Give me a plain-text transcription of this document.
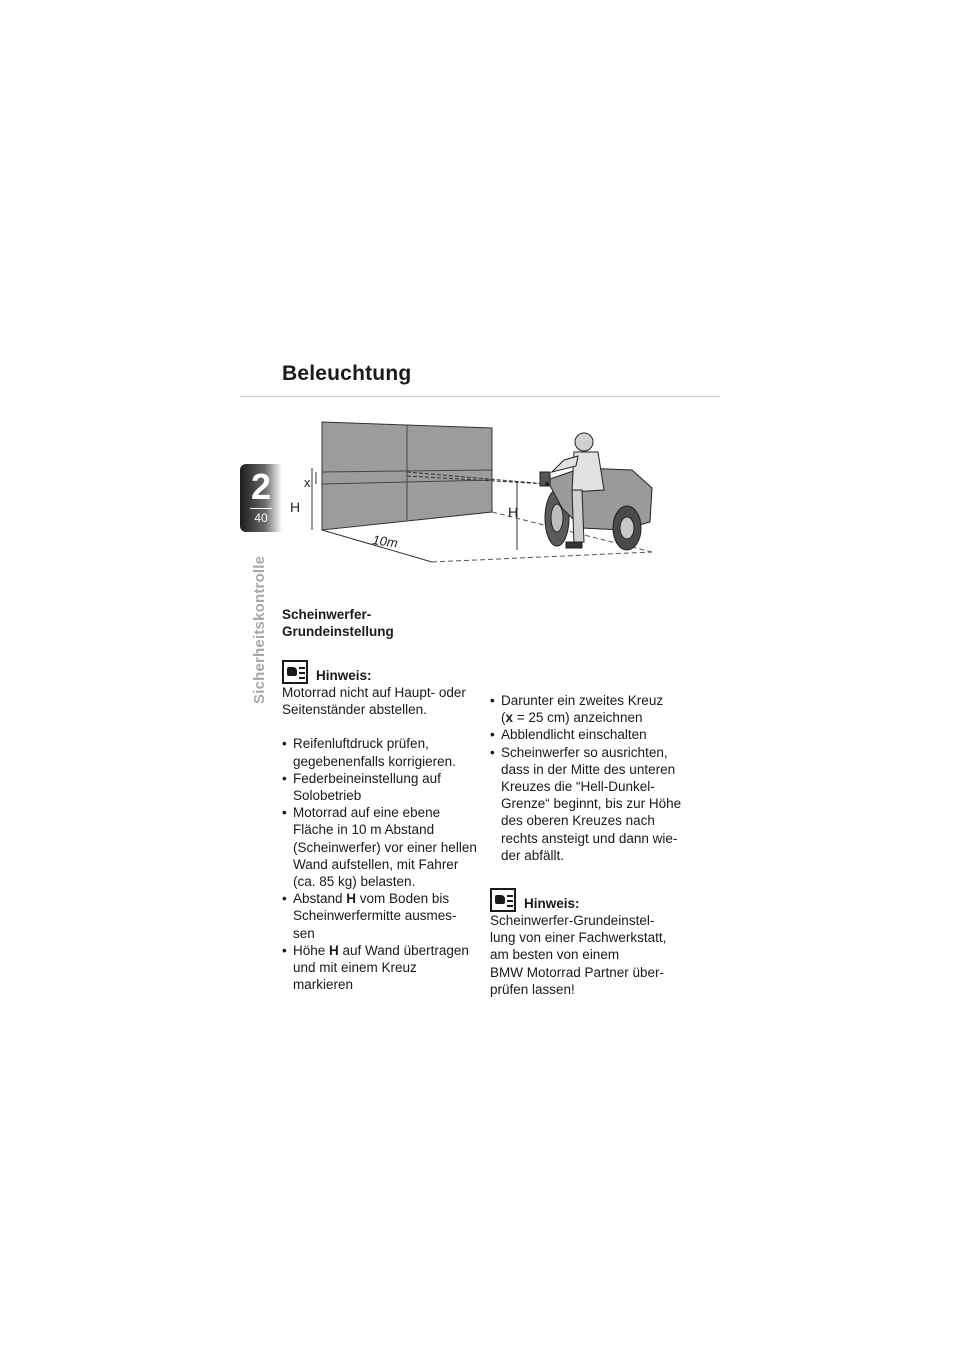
Beleuchtung
2
40
Sicherheitskontrolle
x
H	H
10m
Scheinwerfer-
Grundeinstellung
Hinweis:
Motorrad nicht auf Haupt- oder
Seitenständer abstellen.
• Reifenluftdruck prüfen,
gegebenenfalls korrigieren.
• Federbeineinstellung auf
Solobetrieb
• Motorrad auf eine ebene
Fläche in 10 m Abstand
(Scheinwerfer) vor einer hellen
Wand aufstellen, mit Fahrer
(ca. 85 kg) belasten.
• Abstand H vom Boden bis
Scheinwerfermitte ausmes-
sen
• Höhe H auf Wand übertragen
und mit einem Kreuz
markieren
• Darunter ein zweites Kreuz
(x = 25 cm) anzeichnen
• Abblendlicht einschalten
• Scheinwerfer so ausrichten,
dass in der Mitte des unteren
Kreuzes die “Hell-Dunkel-
Grenze“ beginnt, bis zur Höhe
des oberen Kreuzes nach
rechts ansteigt und dann wie-
der abfällt.
Hinweis:
Scheinwerfer-Grundeinstel-
lung von einer Fachwerkstatt,
am besten von einem
BMW Motorrad Partner über-
prüfen lassen!
